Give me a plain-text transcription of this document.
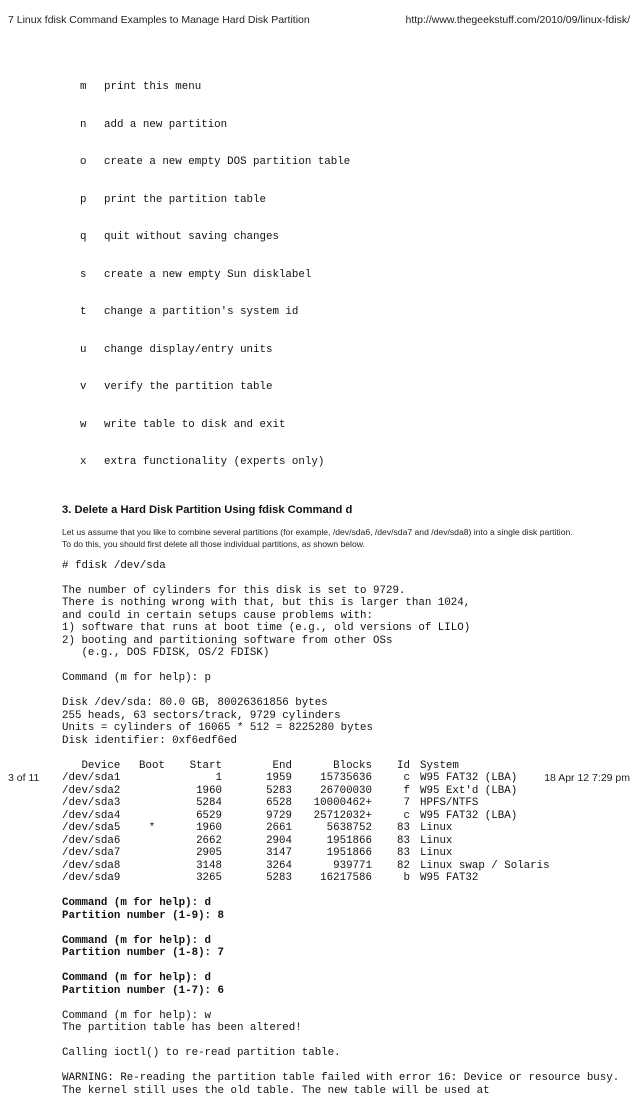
7 Linux fdisk Command Examples to Manage Hard Disk Partition	http://www.thegeekstuff.com/2010/09/linux-fdisk/

m	print this menu

n	add a new partition

o	create a new empty DOS partition table

p	print the partition table

q	quit without saving changes

s	create a new empty Sun disklabel

t	change a partition's system id

u	change display/entry units

v	verify the partition table

w	write table to disk and exit

x	extra functionality (experts only)

3. Delete a Hard Disk Partition Using fdisk Command d

Let us assume that you like to combine several partitions (for example, /dev/sda6, /dev/sda7 and /dev/sda8) into a single disk partition.
To do this, you should first delete all those individual partitions, as shown below.

# fdisk /dev/sda
The number of cylinders for this disk is set to 9729.
There is nothing wrong with that, but this is larger than 1024,
and could in certain setups cause problems with:
1) software that runs at boot time (e.g., old versions of LILO)
2) booting and partitioning software from other OSs
(e.g., DOS FDISK, OS/2 FDISK)
Command (m for help): p
Disk /dev/sda: 80.0 GB, 80026361856 bytes
255 heads, 63 sectors/track, 9729 cylinders
Units = cylinders of 16065 * 512 = 8225280 bytes
Disk identifier: 0xf6edf6ed
Device	Boot	Start	End	Blocks	Id	System
/dev/sda1		1	1959	15735636	c	W95 FAT32 (LBA)
/dev/sda2		1960	5283	26700030	f	W95 Ext'd (LBA)
/dev/sda3		5284	6528	10000462+	7	HPFS/NTFS
/dev/sda4		6529	9729	25712032+	c	W95 FAT32 (LBA)
/dev/sda5	*	1960	2661	5638752	83	Linux
/dev/sda6		2662	2904	1951866	83	Linux
/dev/sda7		2905	3147	1951866	83	Linux
/dev/sda8		3148	3264	939771	82	Linux swap / Solaris
/dev/sda9		3265	5283	16217586	b	W95 FAT32
Command (m for help): d
Partition number (1-9): 8
Command (m for help): d
Partition number (1-8): 7
Command (m for help): d
Partition number (1-7): 6
Command (m for help): w
The partition table has been altered!
Calling ioctl() to re-read partition table.
WARNING: Re-reading the partition table failed with error 16: Device or resource busy.
The kernel still uses the old table. The new table will be used at
3 of 11	18 Apr 12 7:29 pm
